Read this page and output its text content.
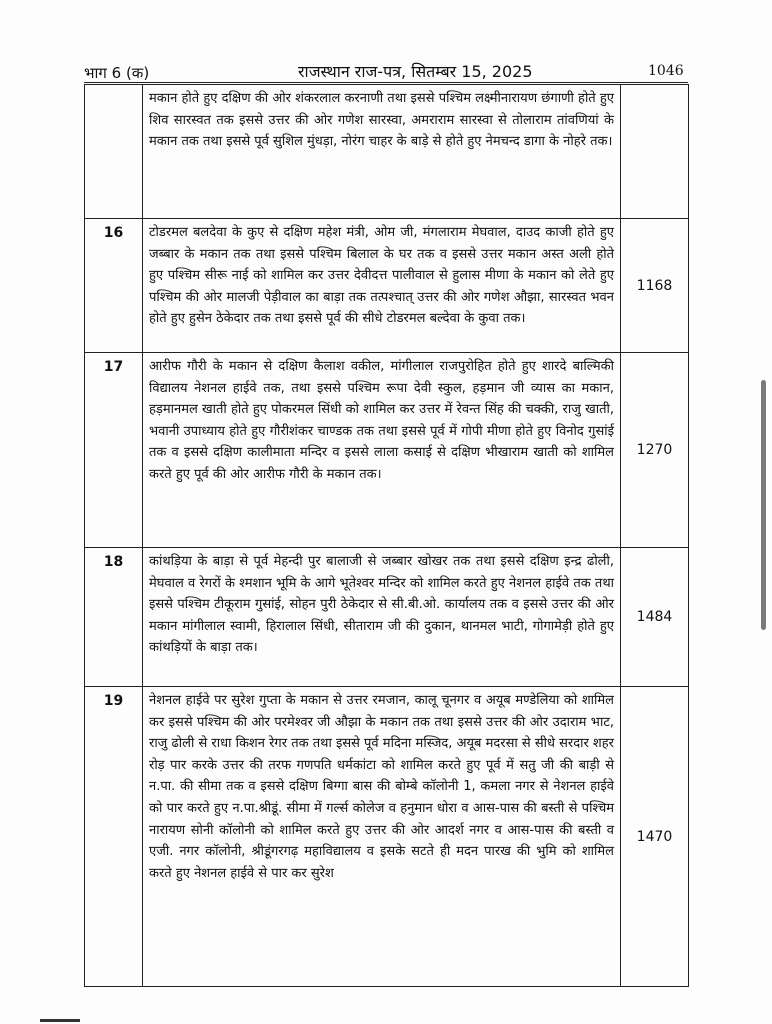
भाग 6 (क)	राजस्थान राज-पत्र, सितम्बर 15, 2025	1046
	मकान होते हुए दक्षिण की ओर शंकरलाल करनाणी तथा इससे पश्चिम लक्ष्मीनारायण छंगाणी होते हुए शिव सारस्वत तक इससे उत्तर की ओर गणेश सारस्वा, अमराराम सारस्वा से तोलाराम तांवणियां के मकान तक तथा इससे पूर्व सुशिल मुंधड़ा, नोरंग चाहर के बाड़े से होते हुए नेमचन्द डागा के नोहरे तक।	
16	टोडरमल बलदेवा के कुए से दक्षिण महेश मंत्री, ओम जी, मंगलाराम मेघवाल, दाउद काजी होते हुए जब्बार के मकान तक तथा इससे पश्चिम बिलाल के घर तक व इससे उत्तर मकान अस्त अली होते हुए पश्चिम सीरू नाई को शामिल कर उत्तर देवीदत्त पालीवाल से हुलास मीणा के मकान को लेते हुए पश्चिम की ओर मालजी पेड़ीवाल का बाड़ा तक तत्पश्चात् उत्तर की ओर गणेश औझा, सारस्वत भवन होते हुए हुसेन ठेकेदार तक तथा इससे पूर्व की सीधे टोडरमल बल्देवा के कुवा तक।	1168
17	आरीफ गौरी के मकान से दक्षिण कैलाश वकील, मांगीलाल राजपुरोहित होते हुए शारदे बाल्मिकी विद्यालय नेशनल हाईवे तक, तथा इससे पश्चिम रूपा देवी स्कुल, हड़मान जी व्यास का मकान, हड़मानमल खाती होते हुए पोकरमल सिंधी को शामिल कर उत्तर में रेवन्त सिंह की चक्की, राजु खाती, भवानी उपाध्याय होते हुए गौरीशंकर चाण्डक तक तथा इससे पूर्व में गोपी मीणा होते हुए विनोद गुसांई तक व इससे दक्षिण कालीमाता मन्दिर व इससे लाला कसाई से दक्षिण भीखाराम खाती को शामिल करते हुए पूर्व की ओर आरीफ गौरी के मकान तक।	1270
18	कांथड़िया के बाड़ा से पूर्व मेहन्दी पुर बालाजी से जब्बार खोखर तक तथा इससे दक्षिण इन्द्र ढोली, मेघवाल व रेगरों के श्मशान भूमि के आगे भूतेश्वर मन्दिर को शामिल करते हुए नेशनल हाईवे तक तथा इससे पश्चिम टीकूराम गुसांई, सोहन पुरी ठेकेदार से सी.बी.ओ. कार्यालय तक व इससे उत्तर की ओर मकान मांगीलाल स्वामी, हिरालाल सिंधी, सीताराम जी की दुकान, थानमल भाटी, गोगामेड़ी होते हुए कांथड़ियों के बाड़ा तक।	1484
19	नेशनल हाईवे पर सुरेश गुप्ता के मकान से उत्तर रमजान, कालू चूनगर व अयूब मण्डेलिया को शामिल कर इससे पश्चिम की ओर परमेश्वर जी औझा के मकान तक तथा इससे उत्तर की ओर उदाराम भाट, राजु ढोली से राधा किशन रेगर तक तथा इससे पूर्व मदिना मस्जिद, अयूब मदरसा से सीधे सरदार शहर रोड़ पार करके उत्तर की तरफ गणपति धर्मकांटा को शामिल करते हुए पूर्व में सतु जी की बाड़ी से न.पा. की सीमा तक व इससे दक्षिण बिग्गा बास की बोम्बे कॉलोनी 1, कमला नगर से नेशनल हाईवे को पार करते हुए न.पा.श्रीडूं. सीमा में गर्ल्स कोलेज व हनुमान धोरा व आस-पास की बस्ती से पश्चिम नारायण सोनी कॉलोनी को शामिल करते हुए उत्तर की ओर आदर्श नगर व आस-पास की बस्ती व एजी. नगर कॉलोनी, श्रीडूंगरगढ़ महाविद्यालय व इसके सटते ही मदन पारख की भुमि को शामिल करते हुए नेशनल हाईवे से पार कर सुरेश	1470
